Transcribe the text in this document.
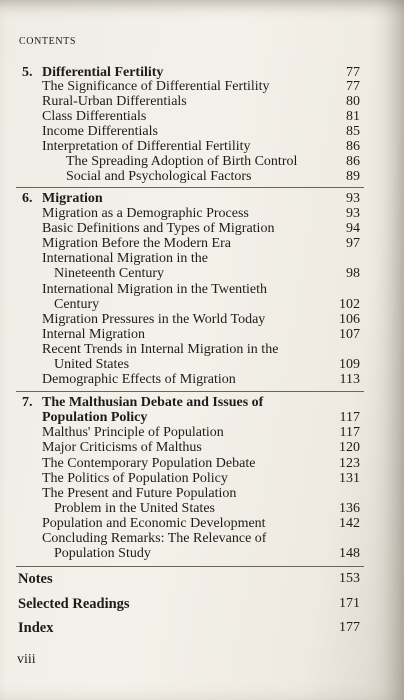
CONTENTS
5. Differential Fertility	77
The Significance of Differential Fertility	77
Rural-Urban Differentials	80
Class Differentials	81
Income Differentials	85
Interpretation of Differential Fertility	86
The Spreading Adoption of Birth Control	86
Social and Psychological Factors	89
6. Migration	93
Migration as a Demographic Process	93
Basic Definitions and Types of Migration	94
Migration Before the Modern Era	97
International Migration in the
Nineteenth Century	98
International Migration in the Twentieth
Century	102
Migration Pressures in the World Today	106
Internal Migration	107
Recent Trends in Internal Migration in the
United States	109
Demographic Effects of Migration	113
7. The Malthusian Debate and Issues of
Population Policy	117
Malthus' Principle of Population	117
Major Criticisms of Malthus	120
The Contemporary Population Debate	123
The Politics of Population Policy	131
The Present and Future Population
Problem in the United States	136
Population and Economic Development	142
Concluding Remarks: The Relevance of
Population Study	148
Notes	153
Selected Readings	171
Index	177
viii
